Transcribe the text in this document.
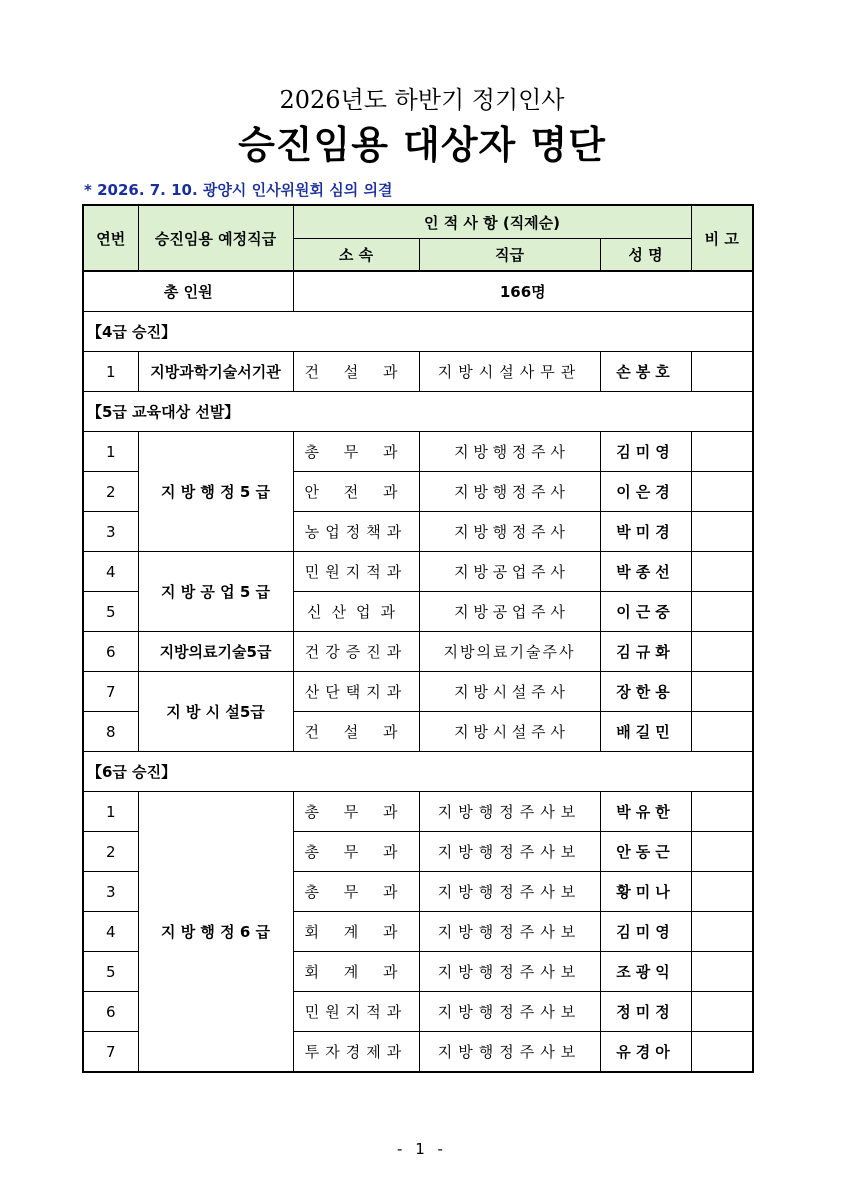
2026년도 하반기 정기인사
승진임용 대상자 명단
* 2026. 7. 10. 광양시 인사위원회 심의 의결
연번	승진임용 예정직급	인 적 사 항 (직제순)			비 고
		소 속	직급	성 명	
총 인원		166명			
【4급 승진】					
1	지방과학기술서기관	건 설 과	지방시설사무관	손봉호	
【5급 교육대상 선발】					
1	지 방 행 정 5 급	총 무 과	지 방 행 정 주 사	김미영	
2		안 전 과	지 방 행 정 주 사	이은경	
3		농업정책과	지 방 행 정 주 사	박미경	
4	지 방 공 업 5 급	민원지적과	지 방 공 업 주 사	박종선	
5		신산업과	지 방 공 업 주 사	이근중	
6	지방의료기술5급	건강증진과	지방의료기술주사	김규화	
7	지 방 시 설5급	산단택지과	지 방 시 설 주 사	장한용	
8		건 설 과	지 방 시 설 주 사	배길민	
【6급 승진】					
1	지 방 행 정 6 급	총 무 과	지방행정주사보	박유한	
2		총 무 과	지방행정주사보	안동근	
3		총 무 과	지방행정주사보	황미나	
4		회 계 과	지방행정주사보	김미영	
5		회 계 과	지방행정주사보	조광익	
6		민원지적과	지방행정주사보	정미정	
7		투자경제과	지방행정주사보	유경아	
- 1 -
